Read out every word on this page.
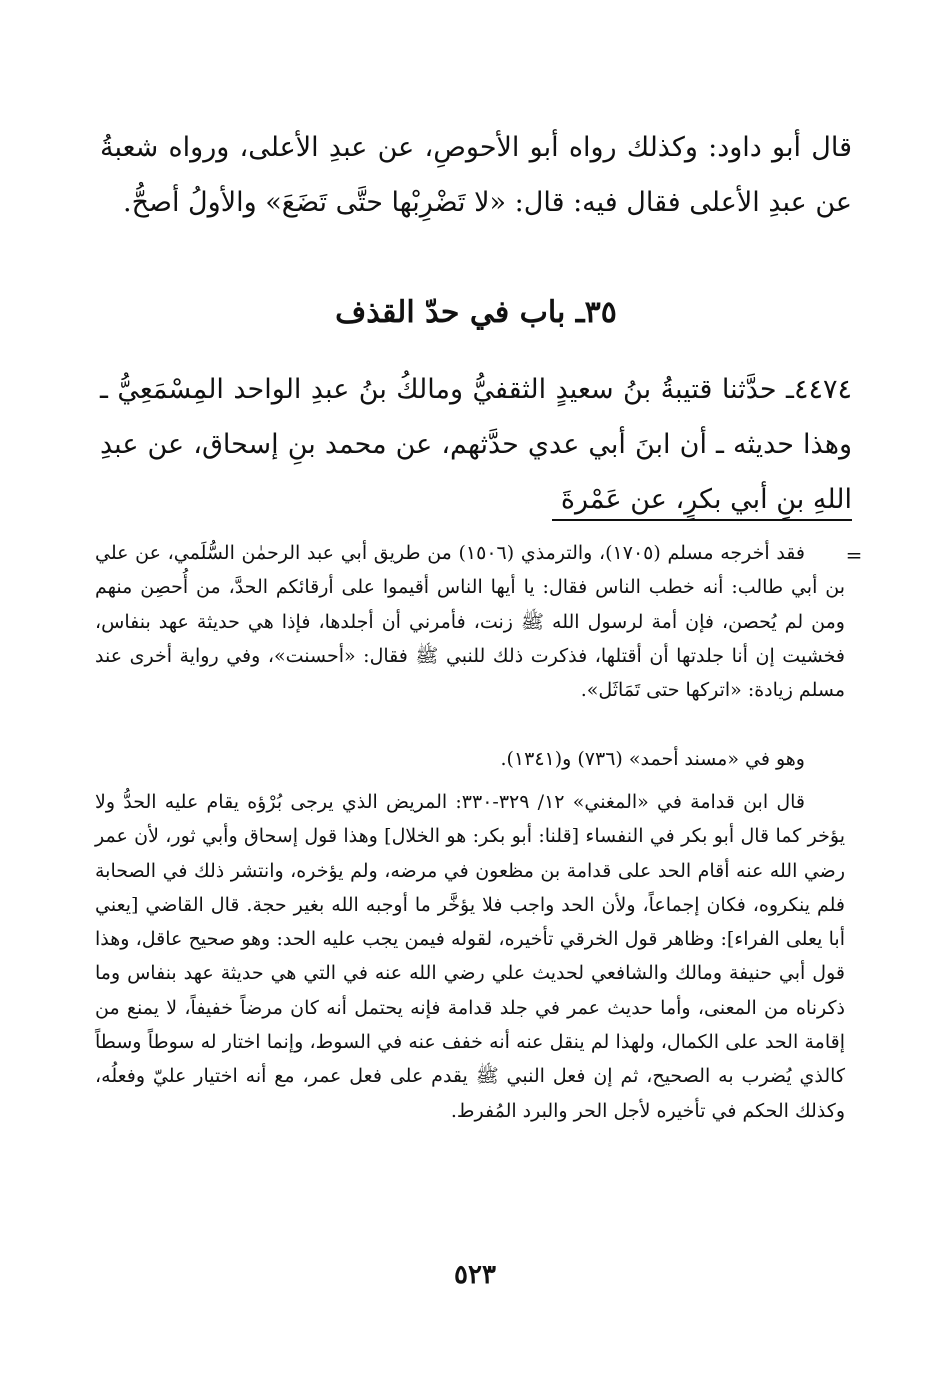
قال أبو داود: وكذلك رواه أبو الأحوصِ، عن عبدِ الأعلى، ورواه شعبةُ عن عبدِ الأعلى فقال فيه: قال: «لا تَضْرِبْها حتَّى تَضَعَ» والأولُ أصحُّ.

٣٥ـ باب في حدّ القذف

٤٤٧٤ـ حدَّثنا قتيبةُ بنُ سعيدٍ الثقفيُّ ومالكُ بنُ عبدِ الواحد المِسْمَعِيُّ ـ وهذا حديثه ـ أن ابنَ أبي عدي حدَّثهم، عن محمد بنِ إسحاق، عن عبدِ اللهِ بنِ أبي بكرٍ، عن عَمْرةَ

=

فقد أخرجه مسلم (١٧٠٥)، والترمذي (١٥٠٦) من طريق أبي عبد الرحمٰن السُّلَمي، عن علي بن أبي طالب: أنه خطب الناس فقال: يا أيها الناس أقيموا على أرقائكم الحدَّ، من أُحصِن منهم ومن لم يُحصن، فإن أمة لرسول الله ﷺ زنت، فأمرني أن أجلدها، فإذا هي حديثة عهد بنفاس، فخشيت إن أنا جلدتها أن أقتلها، فذكرت ذلك للنبي ﷺ فقال: «أحسنت»، وفي رواية أخرى عند مسلم زيادة: «اتركها حتى تَمَاثَل».

وهو في «مسند أحمد» (٧٣٦) و(١٣٤١).

قال ابن قدامة في «المغني» ١٢/ ٣٢٩-٣٣٠: المريض الذي يرجى بُرْؤه يقام عليه الحدُّ ولا يؤخر كما قال أبو بكر في النفساء [قلنا: أبو بكر: هو الخلال] وهذا قول إسحاق وأبي ثور، لأن عمر رضي الله عنه أقام الحد على قدامة بن مظعون في مرضه، ولم يؤخره، وانتشر ذلك في الصحابة فلم ينكروه، فكان إجماعاً، ولأن الحد واجب فلا يؤخَّر ما أوجبه الله بغير حجة. قال القاضي [يعني أبا يعلى الفراء]: وظاهر قول الخرقي تأخيره، لقوله فيمن يجب عليه الحد: وهو صحيح عاقل، وهذا قول أبي حنيفة ومالك والشافعي لحديث علي رضي الله عنه في التي هي حديثة عهد بنفاس وما ذكرناه من المعنى، وأما حديث عمر في جلد قدامة فإنه يحتمل أنه كان مرضاً خفيفاً، لا يمنع من إقامة الحد على الكمال، ولهذا لم ينقل عنه أنه خفف عنه في السوط، وإنما اختار له سوطاً وسطاً كالذي يُضرب به الصحيح، ثم إن فعل النبي ﷺ يقدم على فعل عمر، مع أنه اختيار عليّ وفعلُه، وكذلك الحكم في تأخيره لأجل الحر والبرد المُفرط.

٥٢٣
